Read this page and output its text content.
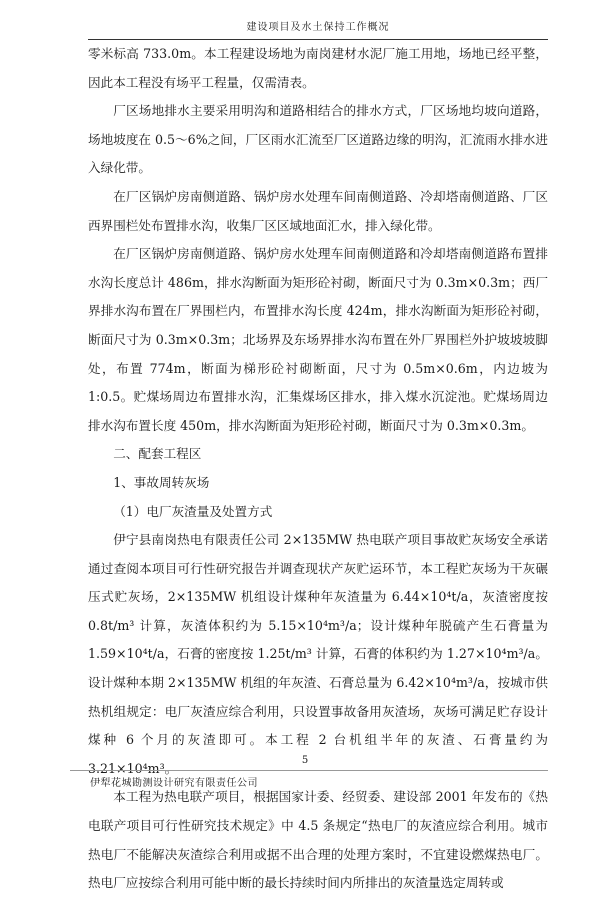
建设项目及水土保持工作概况

零米标高 733.0m。本工程建设场地为南岗建材水泥厂施工用地，场地已经平整，因此本工程没有场平工程量，仅需清表。

厂区场地排水主要采用明沟和道路相结合的排水方式，厂区场地均坡向道路，场地坡度在 0.5～6%之间，厂区雨水汇流至厂区道路边缘的明沟，汇流雨水排水进入绿化带。

在厂区锅炉房南侧道路、锅炉房水处理车间南侧道路、冷却塔南侧道路、厂区西界围栏处布置排水沟，收集厂区区域地面汇水，排入绿化带。

在厂区锅炉房南侧道路、锅炉房水处理车间南侧道路和冷却塔南侧道路布置排水沟长度总计 486m，排水沟断面为矩形砼衬砌，断面尺寸为 0.3m×0.3m；西厂界排水沟布置在厂界围栏内，布置排水沟长度 424m，排水沟断面为矩形砼衬砌，断面尺寸为 0.3m×0.3m；北场界及东场界排水沟布置在外厂界围栏外护坡坡坡脚处，布置 774m，断面为梯形砼衬砌断面，尺寸为 0.5m×0.6m，内边坡为 1:0.5。贮煤场周边布置排水沟，汇集煤场区排水，排入煤水沉淀池。贮煤场周边排水沟布置长度 450m，排水沟断面为矩形砼衬砌，断面尺寸为 0.3m×0.3m。

二、配套工程区

1、事故周转灰场

（1）电厂灰渣量及处置方式

伊宁县南岗热电有限责任公司 2×135MW 热电联产项目事故贮灰场安全承诺通过查阅本项目可行性研究报告并调查现状产灰贮运环节，本工程贮灰场为干灰碾压式贮灰场，2×135MW 机组设计煤种年灰渣量为 6.44×10⁴t/a，灰渣密度按 0.8t/m³ 计算，灰渣体积约为 5.15×10⁴m³/a；设计煤种年脱硫产生石膏量为 1.59×10⁴t/a，石膏的密度按 1.25t/m³ 计算，石膏的体积约为 1.27×10⁴m³/a。设计煤种本期 2×135MW 机组的年灰渣、石膏总量为 6.42×10⁴m³/a，按城市供热机组规定：电厂灰渣应综合利用，只设置事故备用灰渣场，灰场可满足贮存设计煤种 6 个月的灰渣即可。本工程 2 台机组半年的灰渣、石膏量约为 3.21×10⁴m³。

本工程为热电联产项目，根据国家计委、经贸委、建设部 2001 年发布的《热电联产项目可行性研究技术规定》中 4.5 条规定“热电厂的灰渣应综合利用。城市热电厂不能解决灰渣综合利用或据不出合理的处理方案时，不宜建设燃煤热电厂。热电厂应按综合利用可能中断的最长持续时间内所排出的灰渣量选定周转或

5
伊犁花城勘测设计研究有限责任公司
